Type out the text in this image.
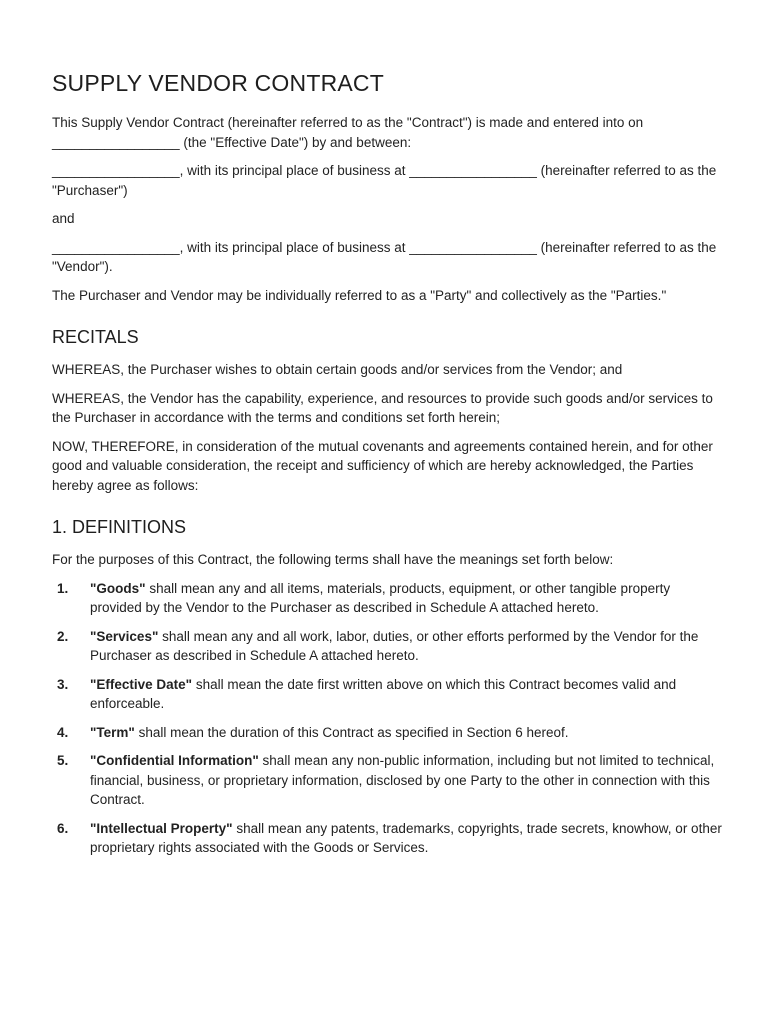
SUPPLY VENDOR CONTRACT

This Supply Vendor Contract (hereinafter referred to as the "Contract") is made and entered into on _________________ (the "Effective Date") by and between:

_________________, with its principal place of business at _________________ (hereinafter referred to as the "Purchaser")

and

_________________, with its principal place of business at _________________ (hereinafter referred to as the "Vendor").

The Purchaser and Vendor may be individually referred to as a "Party" and collectively as the "Parties."

RECITALS

WHEREAS, the Purchaser wishes to obtain certain goods and/or services from the Vendor; and

WHEREAS, the Vendor has the capability, experience, and resources to provide such goods and/or services to the Purchaser in accordance with the terms and conditions set forth herein;

NOW, THEREFORE, in consideration of the mutual covenants and agreements contained herein, and for other good and valuable consideration, the receipt and sufficiency of which are hereby acknowledged, the Parties hereby agree as follows:

1. DEFINITIONS

For the purposes of this Contract, the following terms shall have the meanings set forth below:

1. "Goods" shall mean any and all items, materials, products, equipment, or other tangible property provided by the Vendor to the Purchaser as described in Schedule A attached hereto.
2. "Services" shall mean any and all work, labor, duties, or other efforts performed by the Vendor for the Purchaser as described in Schedule A attached hereto.
3. "Effective Date" shall mean the date first written above on which this Contract becomes valid and enforceable.
4. "Term" shall mean the duration of this Contract as specified in Section 6 hereof.
5. "Confidential Information" shall mean any non-public information, including but not limited to technical, financial, business, or proprietary information, disclosed by one Party to the other in connection with this Contract.
6. "Intellectual Property" shall mean any patents, trademarks, copyrights, trade secrets, knowhow, or other proprietary rights associated with the Goods or Services.
